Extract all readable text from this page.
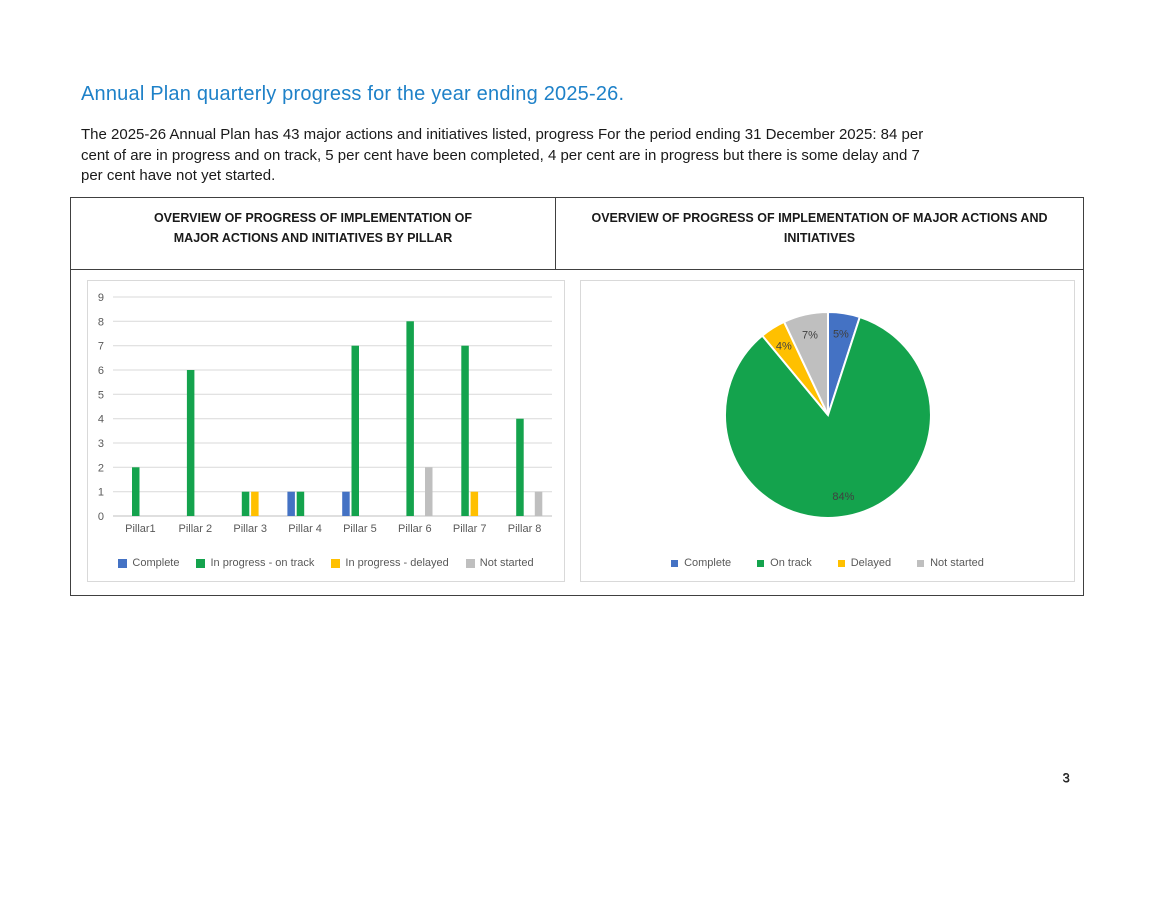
Annual Plan quarterly progress for the year ending 2025-26.
The 2025-26 Annual Plan has 43 major actions and initiatives listed, progress For the period ending 31 December 2025: 84 per
cent of are in progress and on track, 5 per cent have been completed, 4 per cent are in progress but there is some delay and 7
per cent have not yet started.
OVERVIEW OF PROGRESS OF IMPLEMENTATION OF MAJOR ACTIONS AND INITIATIVES BY PILLAR
OVERVIEW OF PROGRESS OF IMPLEMENTATION OF MAJOR ACTIONS AND INITIATIVES
0
1
2
3
4
5
6
7
8
9
Pillar1 Pillar 2 Pillar 3 Pillar 4 Pillar 5 Pillar 6 Pillar 7 Pillar 8
Complete	In progress - on track	In progress - delayed	Not started
5%
84%
4%
7%
Complete	On track	Delayed	Not started
3
